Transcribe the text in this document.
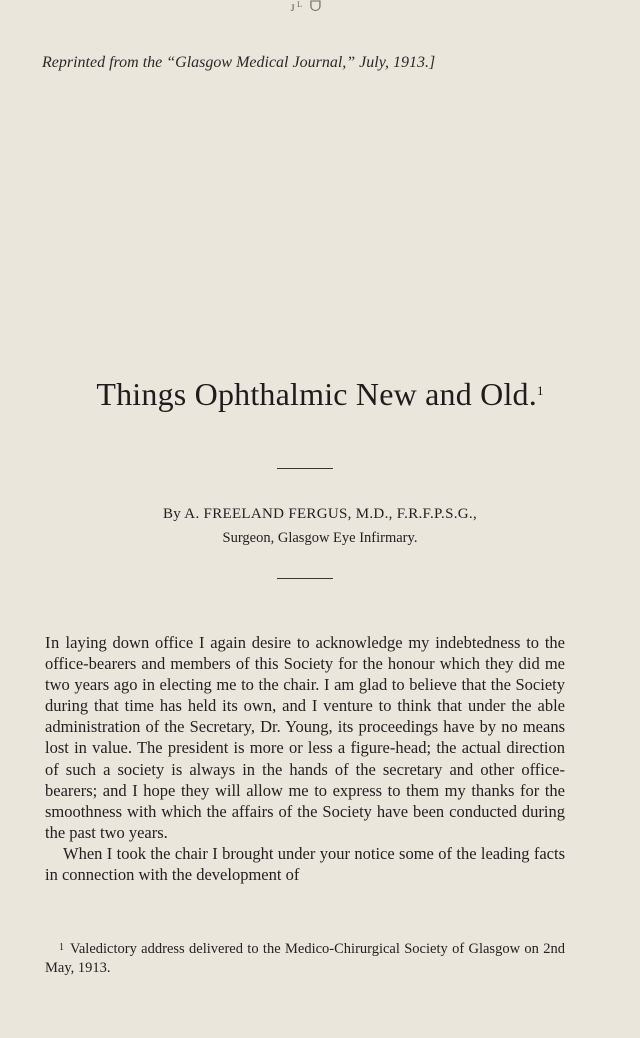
ᴊᴸ ᗜ
Reprinted from the “Glasgow Medical Journal,” July, 1913.]
Things Ophthalmic New and Old.$^1$
By A. FREELAND FERGUS, M.D., F.R.F.P.S.G.,
Surgeon, Glasgow Eye Infirmary.

In laying down office I again desire to acknowledge my indebtedness to the office-bearers and members of this Society for the honour which they did me two years ago in electing me to the chair. I am glad to believe that the Society during that time has held its own, and I venture to think that under the able administration of the Secretary, Dr. Young, its proceedings have by no means lost in value. The president is more or less a figure-head; the actual direction of such a society is always in the hands of the secretary and other office-bearers; and I hope they will allow me to express to them my thanks for the smoothness with which the affairs of the Society have been conducted during the past two years.

When I took the chair I brought under your notice some of the leading facts in connection with the development of

$^1$ Valedictory address delivered to the Medico-Chirurgical Society of Glasgow on 2nd May, 1913.
